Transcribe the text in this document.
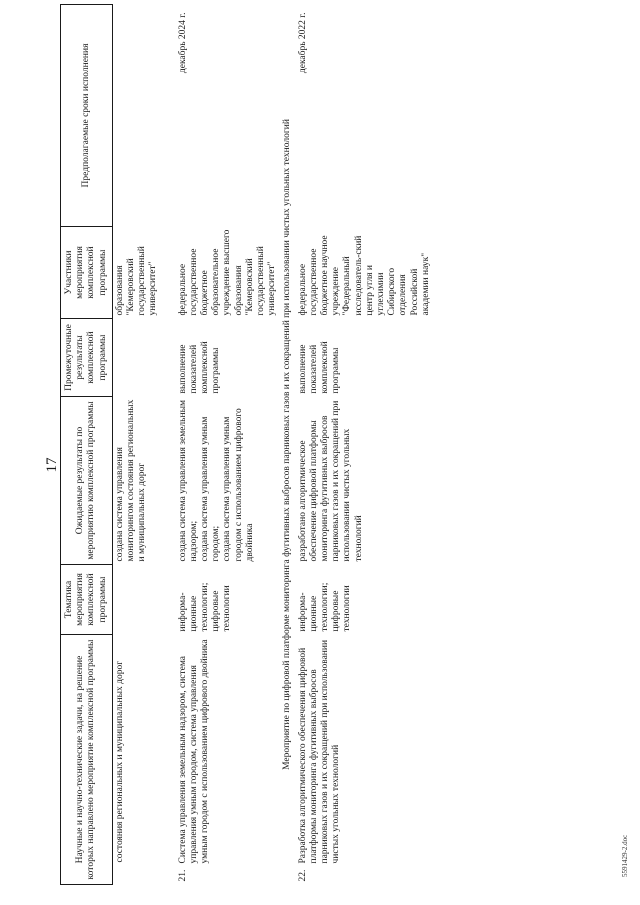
17
Научные и научно-технические задачи, на решение которых направлено мероприятие комплексной программы	Тематика мероприятия комплексной программы	Ожидаемые результаты по мероприятию комплексной программы	Промежуточные результаты комплексной программы	Участники мероприятия комплексной программы	Предполагаемые сроки исполнения
состояния региональных и муниципальных дорог		создана система управления мониторингом состояния региональных и муниципальных дорог		образования "Кемеровский государственный университет"	

21.
Система управления земельным надзором, система управления умным городом, система управления умным городом с использованием цифрового двойника	информа-
ционные
технологии;
цифровые
технологии	создана система управления земельным надзором;
создана система управления умным городом;
создана система управления умным городом с использованием цифрового двойника	выполнение показателей комплексной программы	федеральное государственное бюджетное образовательное учреждение высшего образования "Кемеровский государственный университет"	декабрь 2024 г.
Мероприятие по цифровой платформе мониторинга фугитивных выбросов парниковых газов и их сокращений при использовании чистых угольных технологий					

22.
Разработка алгоритмического обеспечения цифровой платформы мониторинга фугитивных выбросов парниковых газов и их сокращений при использовании чистых угольных технологий	информа-
ционные
технологии;
цифровые
технологии	разработано алгоритмическое обеспечение цифровой платформы мониторинга фугитивных выбросов парниковых газов и их сокращений при использовании чистых угольных технологий	выполнение показателей комплексной программы	федеральное государственное бюджетное научное учреждение "Федеральный исследователь-ский центр угля и углехимии Сибирского отделения Российской академии наук"	декабрь 2022 г.
5591429-2.doc
